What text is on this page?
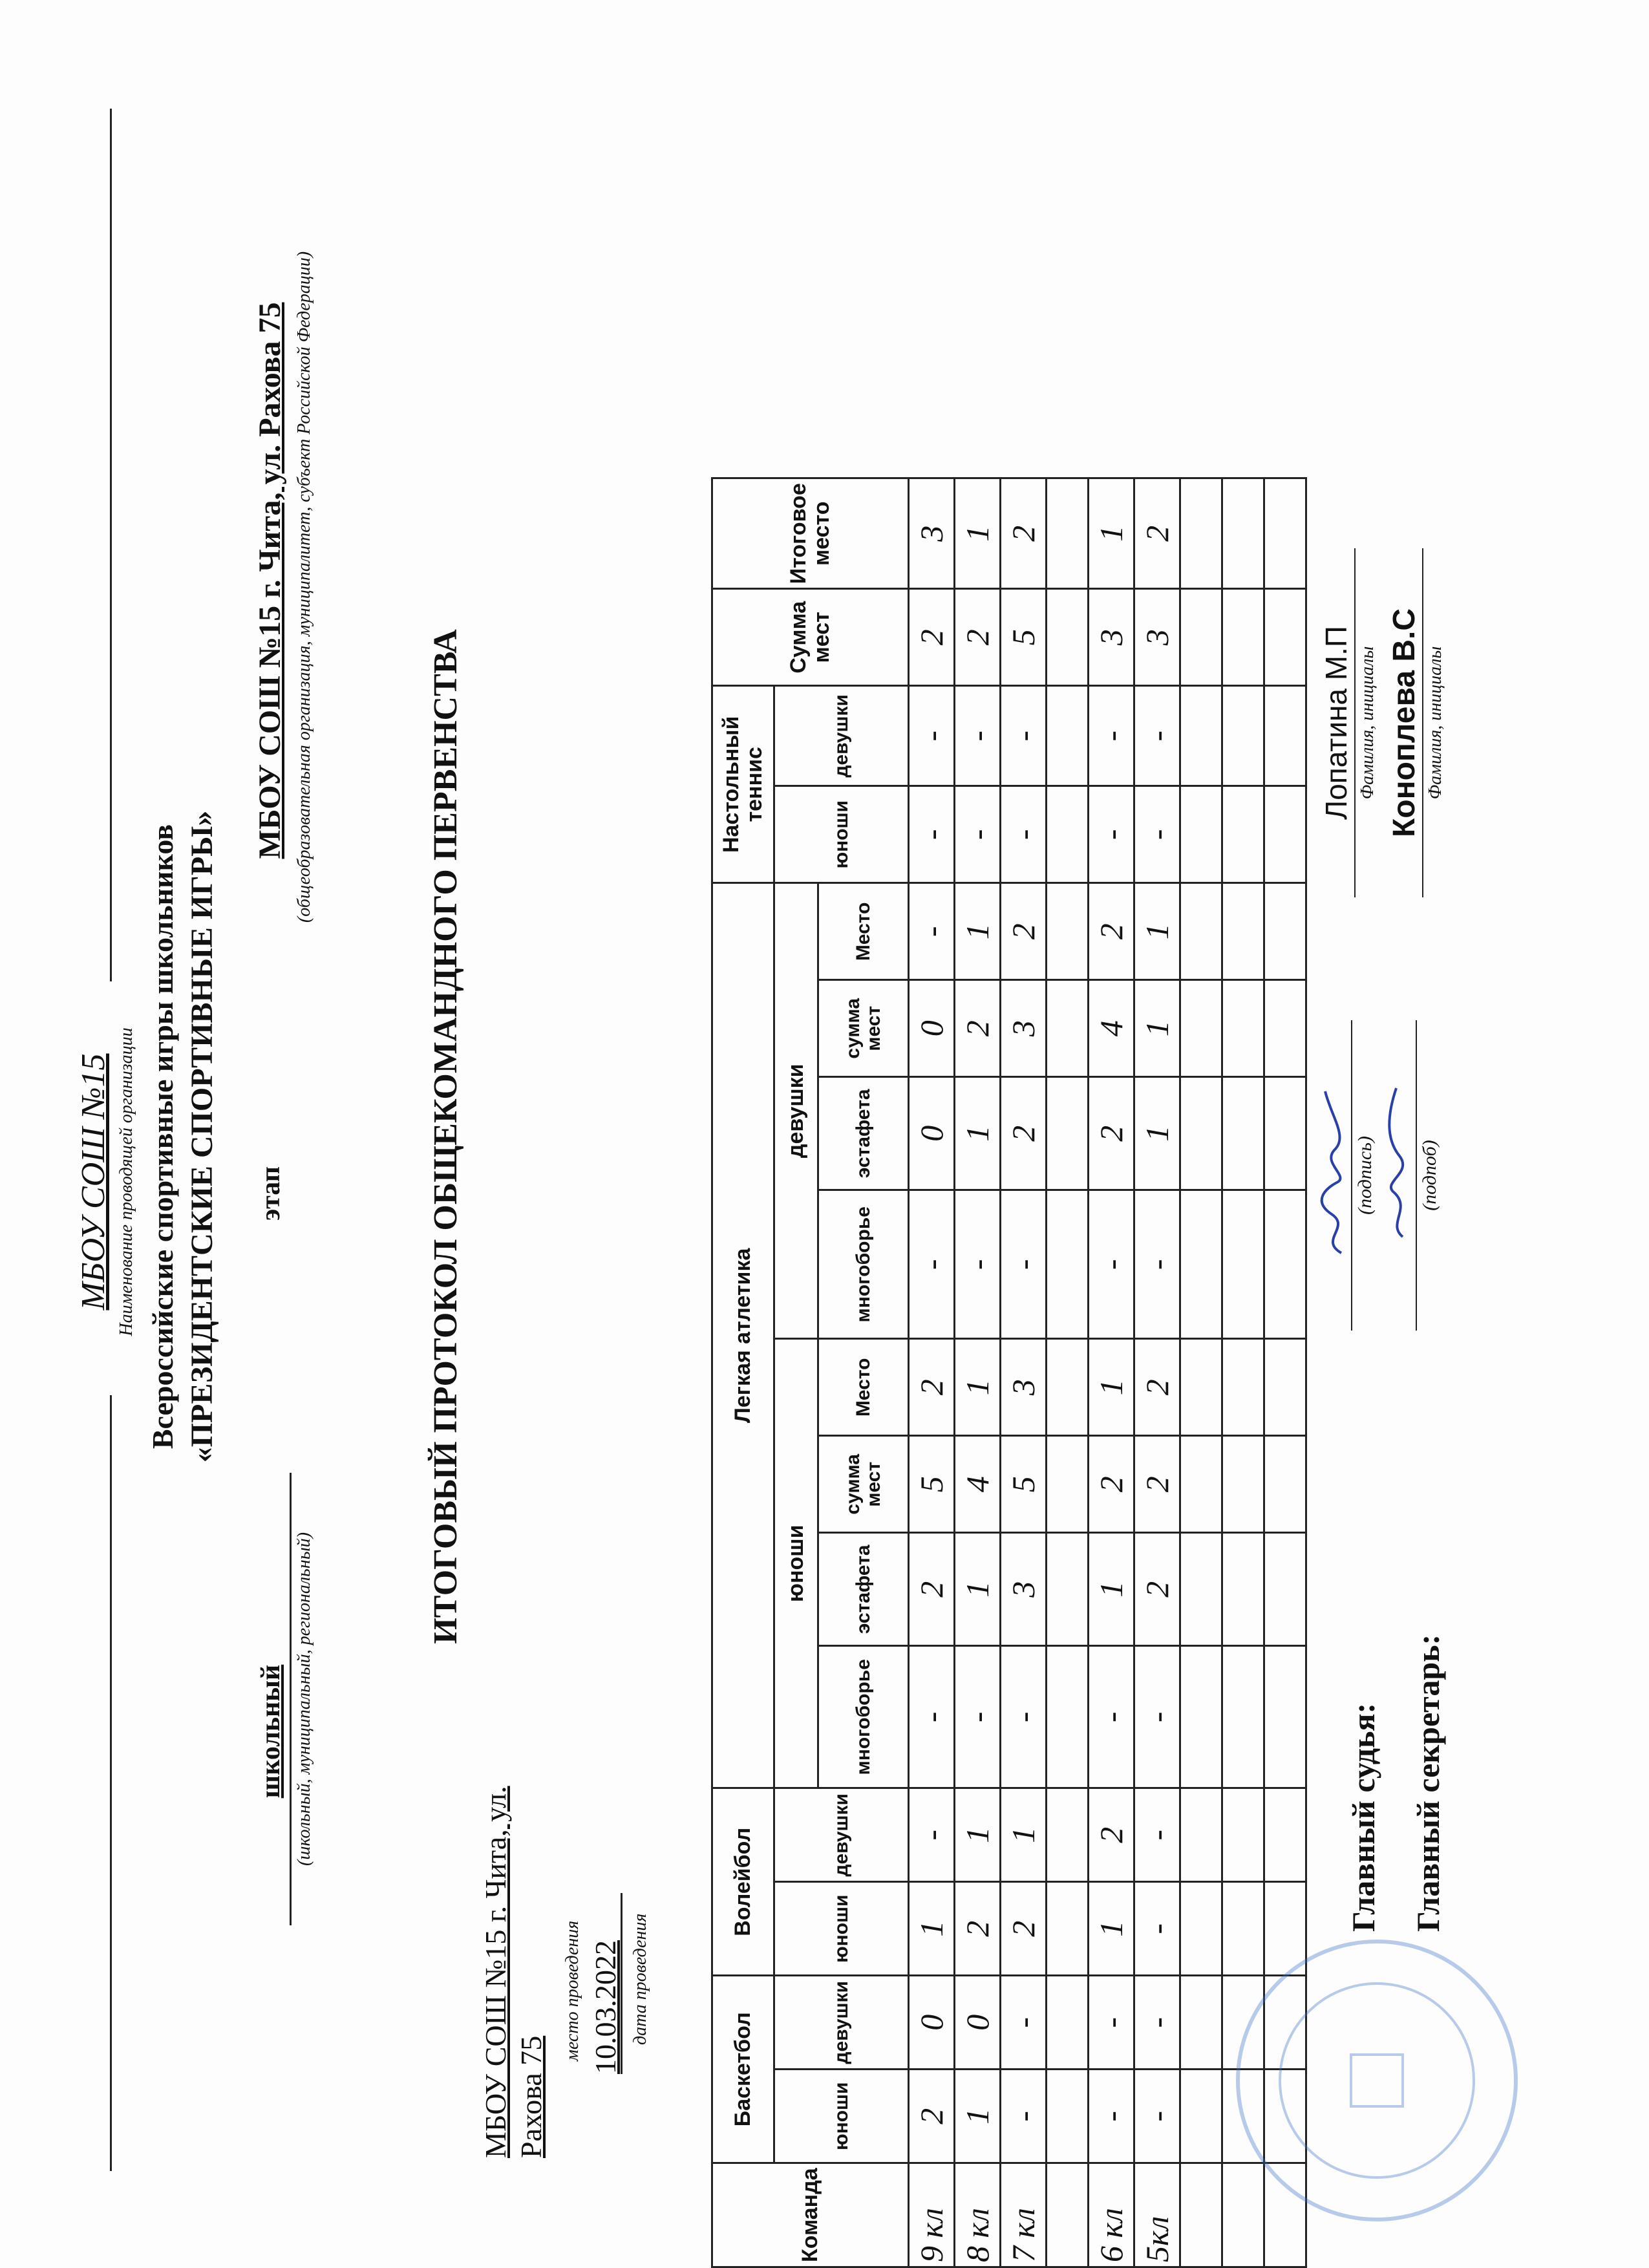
МБОУ СОШ №15 Наименование проводящей организации Всероссийские спортивные игры школьников «ПРЕЗИДЕНТСКИЕ СПОРТИВНЫЕ ИГРЫ»
школьный (школьный, муниципальный, региональный)
этап
МБОУ СОШ №15 г. Чита, ул. Рахова 75 (общеобразовательная организация, муниципалитет, субъект Российской Федерации)
ИТОГОВЫЙ ПРОТОКОЛ ОБЩЕКОМАНДНОГО ПЕРВЕНСТВА
МБОУ СОШ №15 г. Чита, ул. Рахова 75
место проведения 10.03.2022 дата проведения
Команда	Баскетбол		Волейбол		Легкая атлетика								Настольный теннис		Сумма мест	Итоговое место
	юноши	девушки	юноши	девушки	юноши				девушки				юноши	девушки		
					многоборье	эстафета	сумма мест	Место	многоборье	эстафета	сумма мест	Место				
9 кл	2	0	1	-	-	2	5	2	-	0	0	-	-	-	2	3
8 кл	1	0	2	1	-	1	4	1	-	1	2	1	-	-	2	1
7 кл	-	-	2	1	-	3	5	3	-	2	3	2	-	-	5	2

6 кл	-	-	1	2	-	1	2	1	-	2	4	2	-	-	3	1
5кл	-	-	-	-	-	2	2	2	-	1	1	1	-	-	3	2

Главный судья:
(подпись)
Лопатина М.П Фамилия, инициалы
Главный секретарь:
(подпоб)
Коноплева В.С Фамилия, инициалы
